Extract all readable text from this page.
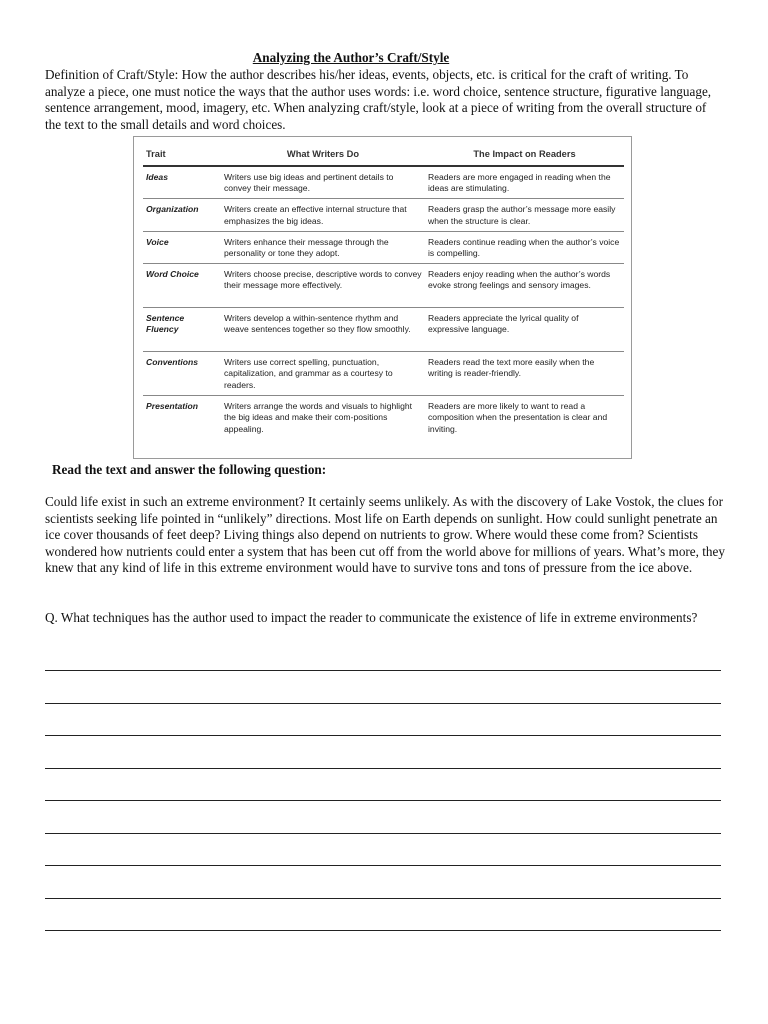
Analyzing the Author’s Craft/Style

Definition of Craft/Style: How the author describes his/her ideas, events, objects, etc. is critical for the craft of writing. To analyze a piece, one must notice the ways that the author uses words: i.e. word choice, sentence structure, figurative language, sentence arrangement, mood, imagery, etc. When analyzing craft/style, look at a piece of writing from the overall structure of the text to the small details and word choices.

Trait	What Writers Do	The Impact on Readers
Ideas	Writers use big ideas and pertinent details to convey their message.	Readers are more engaged in reading when the ideas are stimulating.
Organization	Writers create an effective internal structure that emphasizes the big ideas.	Readers grasp the author’s message more easily when the structure is clear.
Voice	Writers enhance their message through the personality or tone they adopt.	Readers continue reading when the author’s voice is compelling.
Word Choice	Writers choose precise, descriptive words to convey their message more effectively.	Readers enjoy reading when the author’s words evoke strong feelings and sensory images.
Sentence Fluency	Writers develop a within-sentence rhythm and weave sentences together so they flow smoothly.	Readers appreciate the lyrical quality of expressive language.
Conventions	Writers use correct spelling, punctuation, capitalization, and grammar as a courtesy to readers.	Readers read the text more easily when the writing is reader-friendly.
Presentation	Writers arrange the words and visuals to highlight the big ideas and make their com-positions appealing.	Readers are more likely to want to read a composition when the presentation is clear and inviting.
Read the text and answer the following question:

Could life exist in such an extreme environment? It certainly seems unlikely. As with the discovery of Lake Vostok, the clues for scientists seeking life pointed in “unlikely” directions. Most life on Earth depends on sunlight. How could sunlight penetrate an ice cover thousands of feet deep? Living things also depend on nutrients to grow. Where would these come from? Scientists wondered how nutrients could enter a system that has been cut off from the world above for millions of years. What’s more, they knew that any kind of life in this extreme environment would have to survive tons and tons of pressure from the ice above.

Q. What techniques has the author used to impact the reader to communicate the existence of life in extreme environments?
